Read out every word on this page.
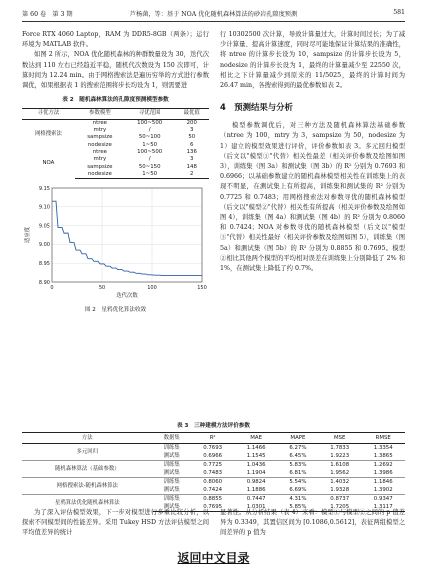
第 60 卷　第 3 期	芦杨菌，等：基于 NOA 优化随机森林算法的砂岩孔隙度预测	581

Force RTX 4060 Laptop，RAM 为 DDR5-8GB（两条）；运行环境为 MATLAB 软件。

如图 2 所示，NOA 优化随机森林的种群数量设为 30，迭代次数达到 110 左右已经趋近平稳，随机代次数设为 150 次即可，计算时间为 12.24 min。由于网格搜索法是遍历穷举的方式进行参数调优，如果根据表 1 的搜索范围将步长均设为 1，则需要进

表 2　随机森林算法的孔隙度预测模型参数
寻优方法	参数模型	寻优范围	最优值
网格搜索法	ntree	100~500	200
	mtry	/	3
	sampsize	50~100	50
	nodesize	1~50	6
NOA	ntree	100~500	136
	mtry	/	3
	sampsize	50~150	148
	nodesize	1~50	2
8.90
8.95
9.00
9.05
9.10
9.15
0	50	100	150
迭代次数
适应度
图 2　星鸦优化算法收敛

行 10302500 次计算，导致计算量过大，计算时间过长；为了减少计算量、提高计算速度，同时尽可能地保证计算结果的准确性，将 ntree 的计算步长设为 10，sampsize 的计算步长设为 5，nodesize 的计算步长设为 1，最终的计算量减少至 22550 次，相比之下计算量减少到原来的 11/5025，最终的计算时间为 26.47 min，各搜索得到的最优参数如表 2。

4　预测结果与分析

模型参数调优后，对三种方法及随机森林算法基础参数（ntree 为 100，mtry 为 3，sampsize 为 50，nodesize 为 1）建立的模型效果进行评价，评价参数如表 3。多元回归模型（后文以"模型①"代替）相关性最差（相关评价参数及绘图如图 3），训练集（图 3a）和测试集（图 3b）的 R² 分别为 0.7693 和 0.6966；以基础参数建立的随机森林模型相关性在训练集上的表现不明显，在测试集上有所提高，训练集和测试集的 R² 分别为 0.7725 和 0.7483；用网格搜索法对参数寻优的随机森林模型（后文以"模型②"代替）相关性有所提高（相关评价参数及绘图如图 4），训练集（图 4a）和测试集（图 4b）的 R² 分别为 0.8060 和 0.7424；NOA 对参数寻优的随机森林模型（后文以"模型③"代替）相关性最好（相关评价参数及绘图如图 5），训练集（图 5a）和测试集（图 5b）的 R² 分别为 0.8855 和 0.7695。模型②相比其他两个模型的平均相对误差在训练集上分别降低了 2% 和 1%，在测试集上降低了约 0.7%。

表 3　三种建模方法评价参数
方法	数据集	R²	MAE	MAPE	MSE	RMSE
多元回归	训练集	0.7693	1.1466	6.27%	1.7833	1.3354
	测试集	0.6966	1.1545	6.45%	1.9223	1.3865
随机森林算法（基础参数）	训练集	0.7725	1.0436	5.83%	1.6108	1.2692
	测试集	0.7483	1.1904	6.81%	1.9562	1.3986
网格搜索法-随机森林算法	训练集	0.8060	0.9824	5.54%	1.4032	1.1846
	测试集	0.7424	1.1886	6.69%	1.9328	1.3902
星鸦算法优化随机森林算法	训练集	0.8855	0.7447	4.31%	0.8737	0.9347
	测试集	0.7695	1.0301	5.85%	1.7205	1.3117

为了深入评估模型效果，下一步对模型进行多重比较分析，以探索不同模型间的性能差异。采用 Tukey HSD 方法评估模型之间平均值差异的统计

显著性。从分析结果（表 4）来看：模型①与模型②之间的 p 值差异为 0.3349，其置信区间为 [0.1086,0.5612]，表征两组模型之间差异的 p 值为

返回中文目录
